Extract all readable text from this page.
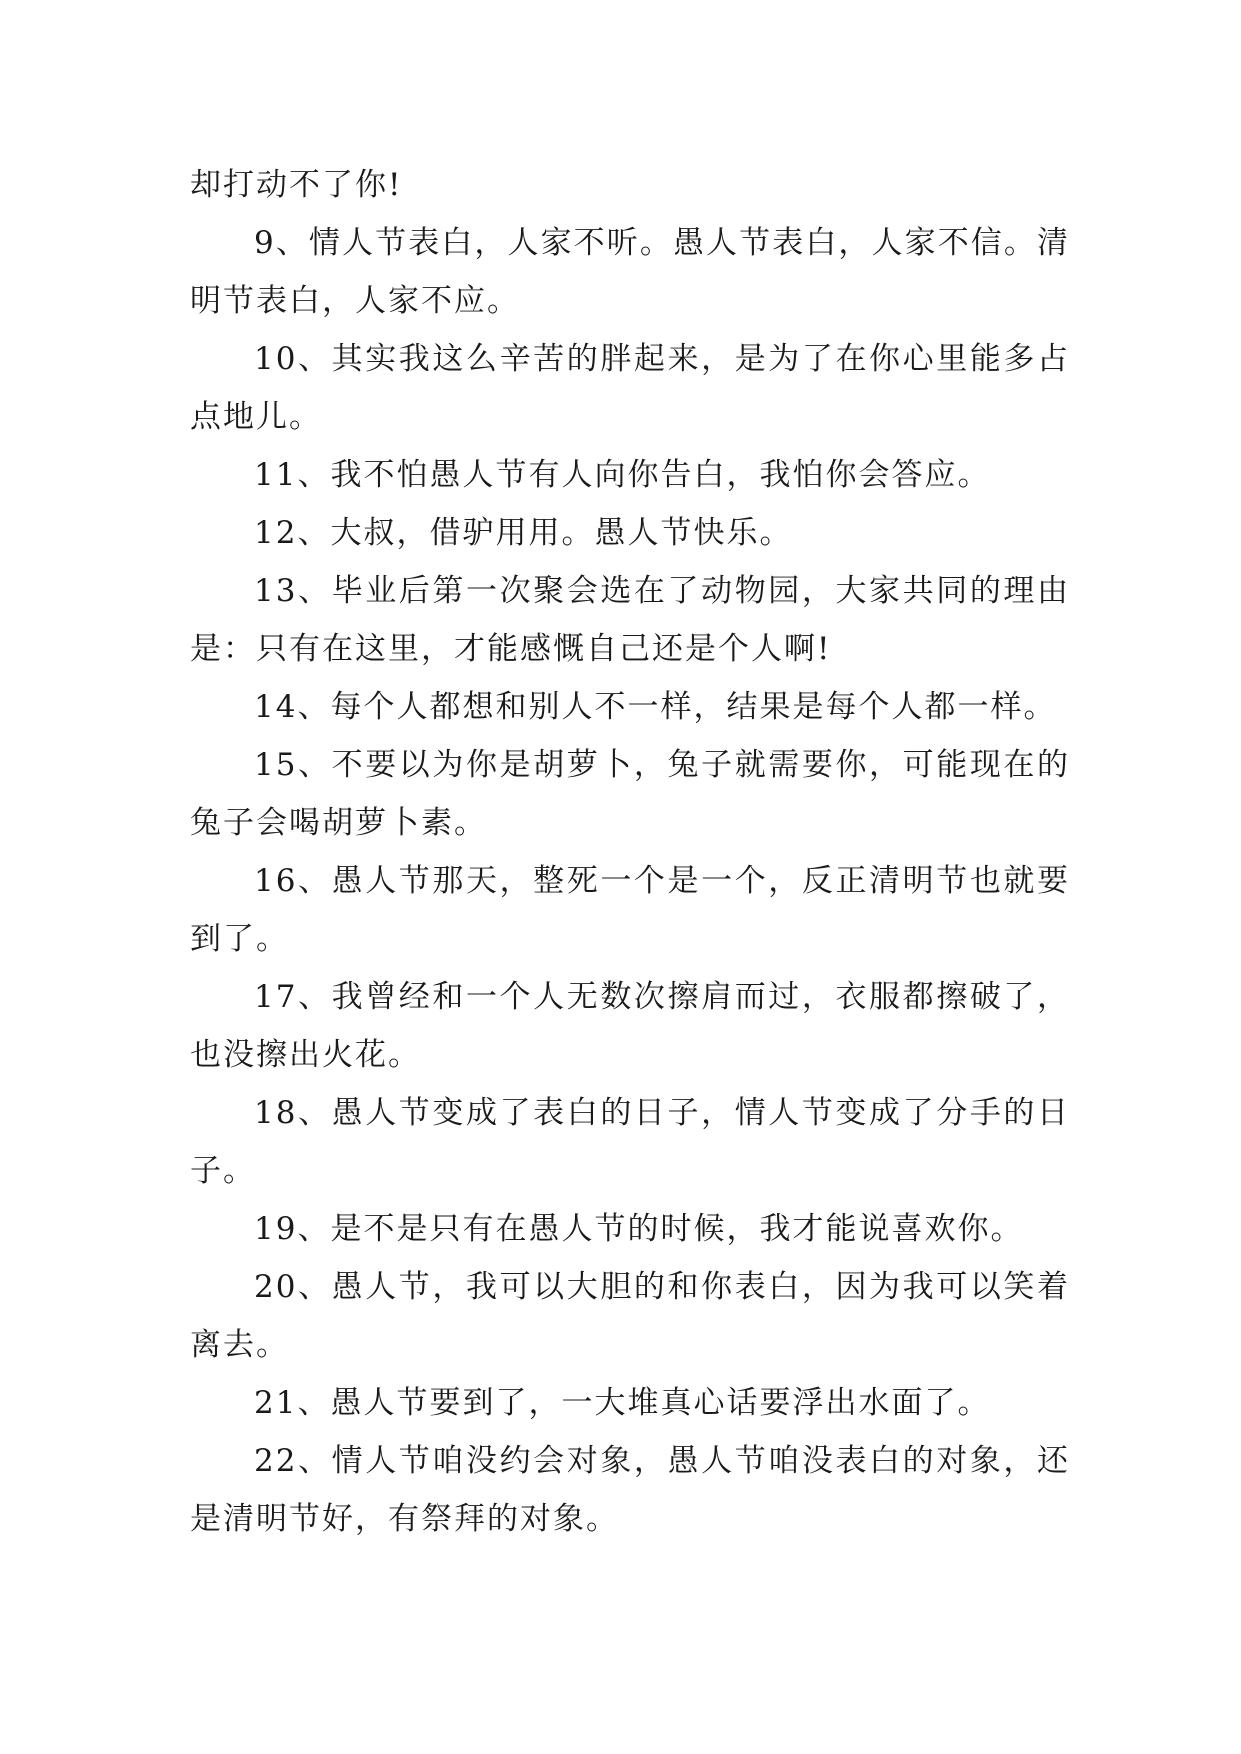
却打动不了你!

9、情人节表白，人家不听。愚人节表白，人家不信。清明节表白，人家不应。

10、其实我这么辛苦的胖起来，是为了在你心里能多占点地儿。

11、我不怕愚人节有人向你告白，我怕你会答应。

12、大叔，借驴用用。愚人节快乐。

13、毕业后第一次聚会选在了动物园，大家共同的理由是：只有在这里，才能感慨自己还是个人啊!

14、每个人都想和别人不一样，结果是每个人都一样。

15、不要以为你是胡萝卜，兔子就需要你，可能现在的兔子会喝胡萝卜素。

16、愚人节那天，整死一个是一个，反正清明节也就要到了。

17、我曾经和一个人无数次擦肩而过，衣服都擦破了，也没擦出火花。

18、愚人节变成了表白的日子，情人节变成了分手的日子。

19、是不是只有在愚人节的时候，我才能说喜欢你。

20、愚人节，我可以大胆的和你表白，因为我可以笑着离去。

21、愚人节要到了，一大堆真心话要浮出水面了。

22、情人节咱没约会对象，愚人节咱没表白的对象，还是清明节好，有祭拜的对象。
